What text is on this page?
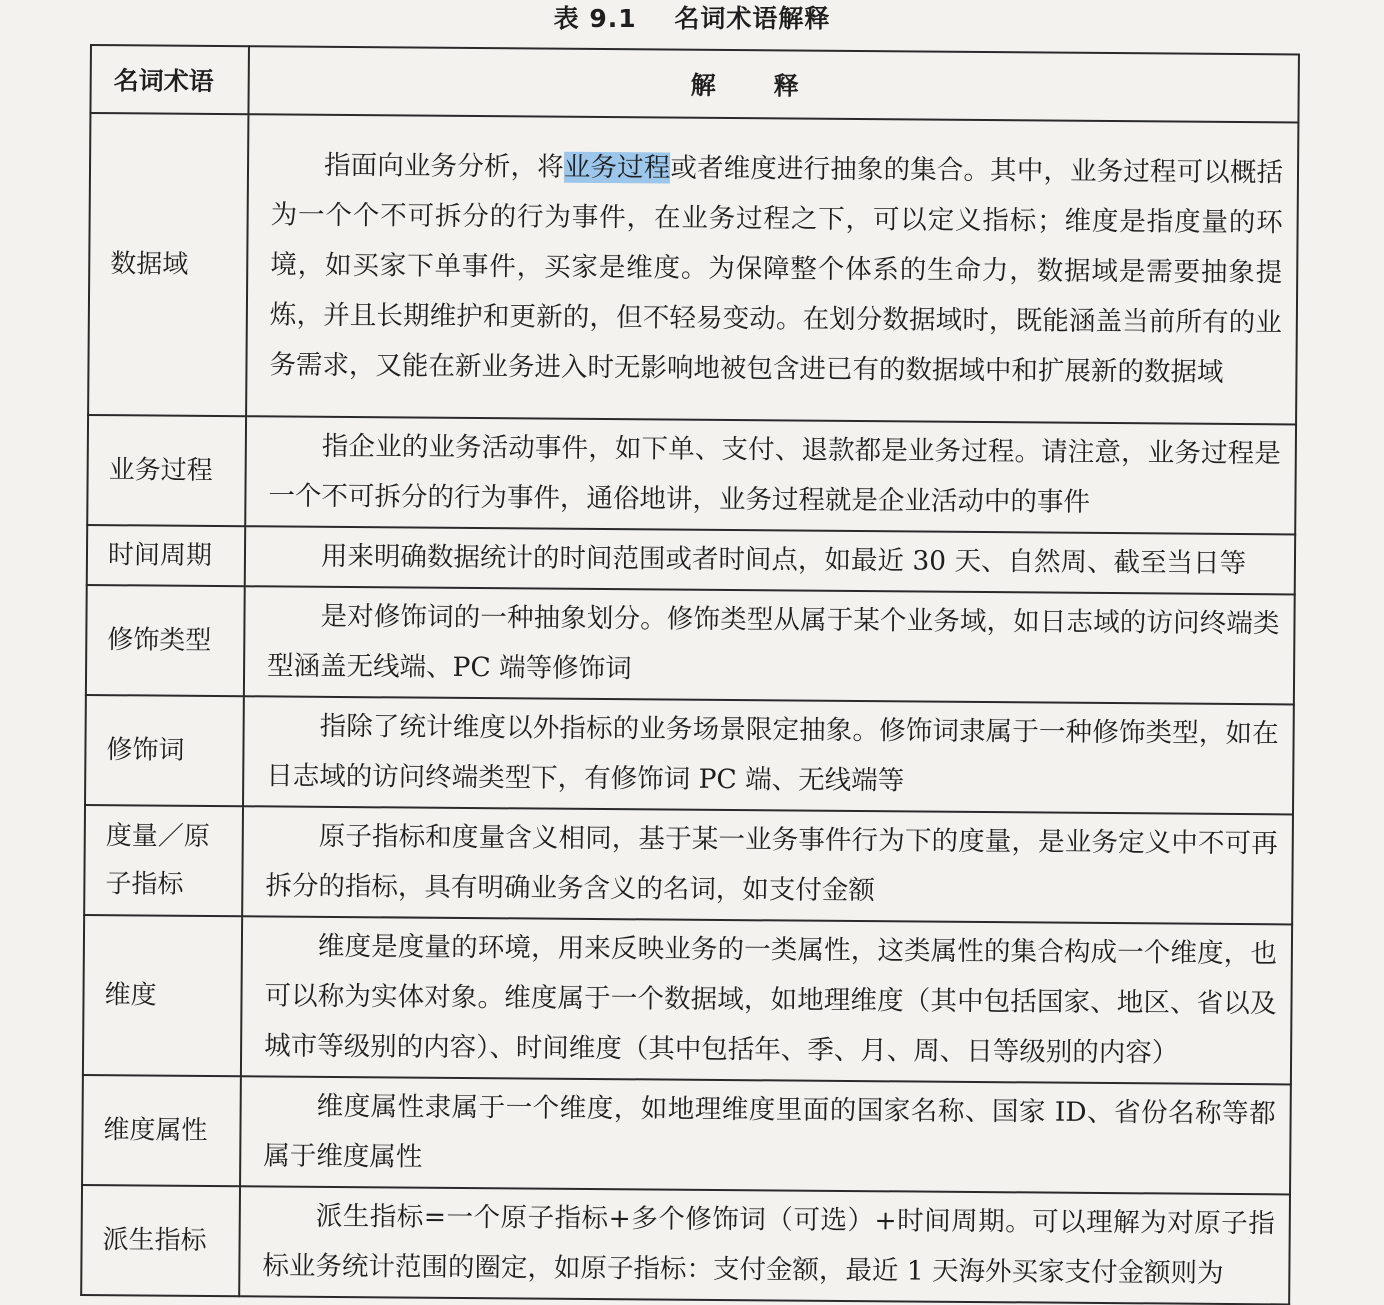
表 9.1 名词术语解释
名词术语	解释
数据域	指面向业务分析，将业务过程或者维度进行抽象的集合。其中，业务过程可以概括为一个个不可拆分的行为事件，在业务过程之下，可以定义指标；维度是指度量的环境，如买家下单事件，买家是维度。为保障整个体系的生命力，数据域是需要抽象提炼，并且长期维护和更新的，但不轻易变动。在划分数据域时，既能涵盖当前所有的业务需求，又能在新业务进入时无影响地被包含进已有的数据域中和扩展新的数据域
业务过程	指企业的业务活动事件，如下单、支付、退款都是业务过程。请注意，业务过程是一个不可拆分的行为事件，通俗地讲，业务过程就是企业活动中的事件
时间周期	用来明确数据统计的时间范围或者时间点，如最近 30 天、自然周、截至当日等
修饰类型	是对修饰词的一种抽象划分。修饰类型从属于某个业务域，如日志域的访问终端类型涵盖无线端、PC 端等修饰词
修饰词	指除了统计维度以外指标的业务场景限定抽象。修饰词隶属于一种修饰类型，如在日志域的访问终端类型下，有修饰词 PC 端、无线端等
度量／原子指标	原子指标和度量含义相同，基于某一业务事件行为下的度量，是业务定义中不可再拆分的指标，具有明确业务含义的名词，如支付金额
维度	维度是度量的环境，用来反映业务的一类属性，这类属性的集合构成一个维度，也可以称为实体对象。维度属于一个数据域，如地理维度（其中包括国家、地区、省以及城市等级别的内容）、时间维度（其中包括年、季、月、周、日等级别的内容）
维度属性	维度属性隶属于一个维度，如地理维度里面的国家名称、国家 ID、省份名称等都属于维度属性
派生指标	派生指标=一个原子指标+多个修饰词（可选）+时间周期。可以理解为对原子指标业务统计范围的圈定，如原子指标：支付金额，最近 1 天海外买家支付金额则为
